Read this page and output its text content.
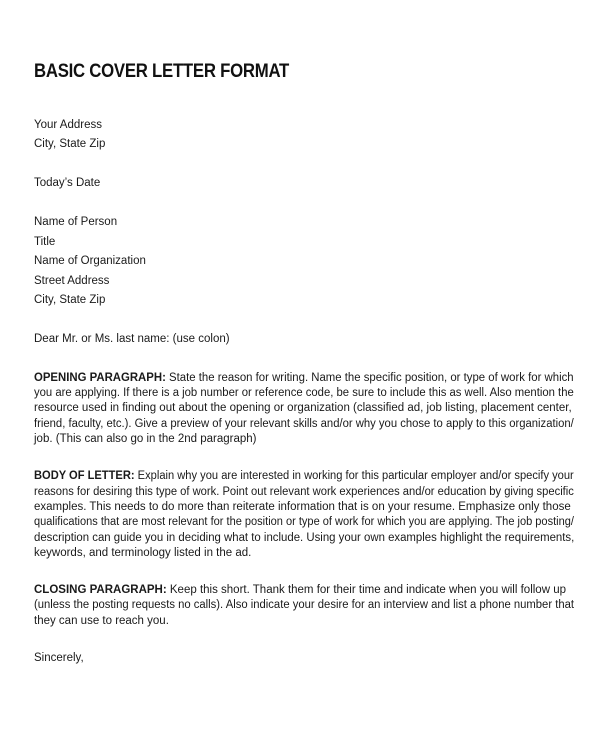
BASIC COVER LETTER FORMAT
Your Address
City, State Zip
Today’s Date
Name of Person
Title
Name of Organization
Street Address
City, State Zip
Dear Mr. or Ms. last name: (use colon)
OPENING PARAGRAPH: State the reason for writing. Name the specific position, or type of work for which
you are applying. If there is a job number or reference code, be sure to include this as well. Also mention the
resource used in finding out about the opening or organization (classified ad, job listing, placement center,
friend, faculty, etc.). Give a preview of your relevant skills and/or why you chose to apply to this organization/
job. (This can also go in the 2nd paragraph)
BODY OF LETTER: Explain why you are interested in working for this particular employer and/or specify your
reasons for desiring this type of work. Point out relevant work experiences and/or education by giving specific
examples. This needs to do more than reiterate information that is on your resume. Emphasize only those
qualifications that are most relevant for the position or type of work for which you are applying. The job posting/
description can guide you in deciding what to include. Using your own examples highlight the requirements,
keywords, and terminology listed in the ad.
CLOSING PARAGRAPH: Keep this short. Thank them for their time and indicate when you will follow up
(unless the posting requests no calls). Also indicate your desire for an interview and list a phone number that
they can use to reach you.
Sincerely,
